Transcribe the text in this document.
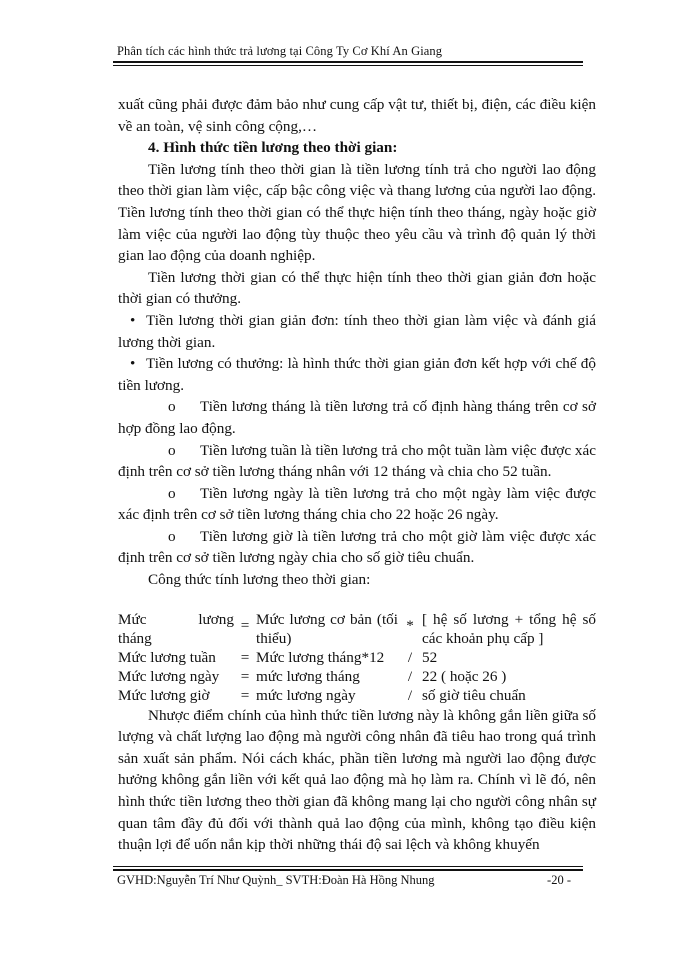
Phân tích các hình thức trả lương tại Công Ty Cơ Khí An Giang

xuất cũng phải được đảm bảo như cung cấp vật tư, thiết bị, điện, các điều kiện về an toàn, vệ sinh công cộng,…

4. Hình thức tiền lương theo thời gian:

Tiền lương tính theo thời gian là tiền lương tính trả cho người lao động theo thời gian làm việc, cấp bậc công việc và thang lương của người lao động. Tiền lương tính theo thời gian có thể thực hiện tính theo tháng, ngày hoặc giờ làm việc của người lao động tùy thuộc theo yêu cầu và trình độ quản lý thời gian lao động của doanh nghiệp.

Tiền lương thời gian có thể thực hiện tính theo thời gian giản đơn hoặc thời gian có thưởng.

• Tiền lương thời gian giản đơn: tính theo thời gian làm việc và đánh giá lương thời gian.

• Tiền lương có thưởng: là hình thức thời gian giản đơn kết hợp với chế độ tiền lương.

o Tiền lương tháng là tiền lương trả cố định hàng tháng trên cơ sở hợp đồng lao động.

o Tiền lương tuần là tiền lương trả cho một tuần làm việc được xác định trên cơ sở tiền lương tháng nhân với 12 tháng và chia cho 52 tuần.

o Tiền lương ngày là tiền lương trả cho một ngày làm việc được xác định trên cơ sở tiền lương tháng chia cho 22 hoặc 26 ngày.

o Tiền lương giờ là tiền lương trả cho một giờ làm việc được xác định trên cơ sở tiền lương ngày chia cho số giờ tiêu chuẩn.

Công thức tính lương theo thời gian:

Mức lương
tháng	=	Mức lương cơ bản (tối thiểu)	*	[ hệ số lương + tổng hệ số các khoản phụ cấp ]
Mức lương tuần	=	Mức lương tháng*12	/	52
Mức lương ngày	=	mức lương tháng	/	22 ( hoặc 26 )
Mức lương giờ	=	mức lương ngày	/	số giờ tiêu chuẩn

Nhược điểm chính của hình thức tiền lương này là không gắn liền giữa số lượng và chất lượng lao động mà người công nhân đã tiêu hao trong quá trình sản xuất sản phẩm. Nói cách khác, phần tiền lương mà người lao động được hưởng không gắn liền với kết quả lao động mà họ làm ra. Chính vì lẽ đó, nên hình thức tiền lương theo thời gian đã không mang lại cho người công nhân sự quan tâm đầy đủ đối với thành quả lao động của mình, không tạo điều kiện thuận lợi để uốn nắn kịp thời những thái độ sai lệch và không khuyến

GVHD:Nguyễn Trí Như Quỳnh_ SVTH:Đoàn Hà Hồng Nhung	-20 -
